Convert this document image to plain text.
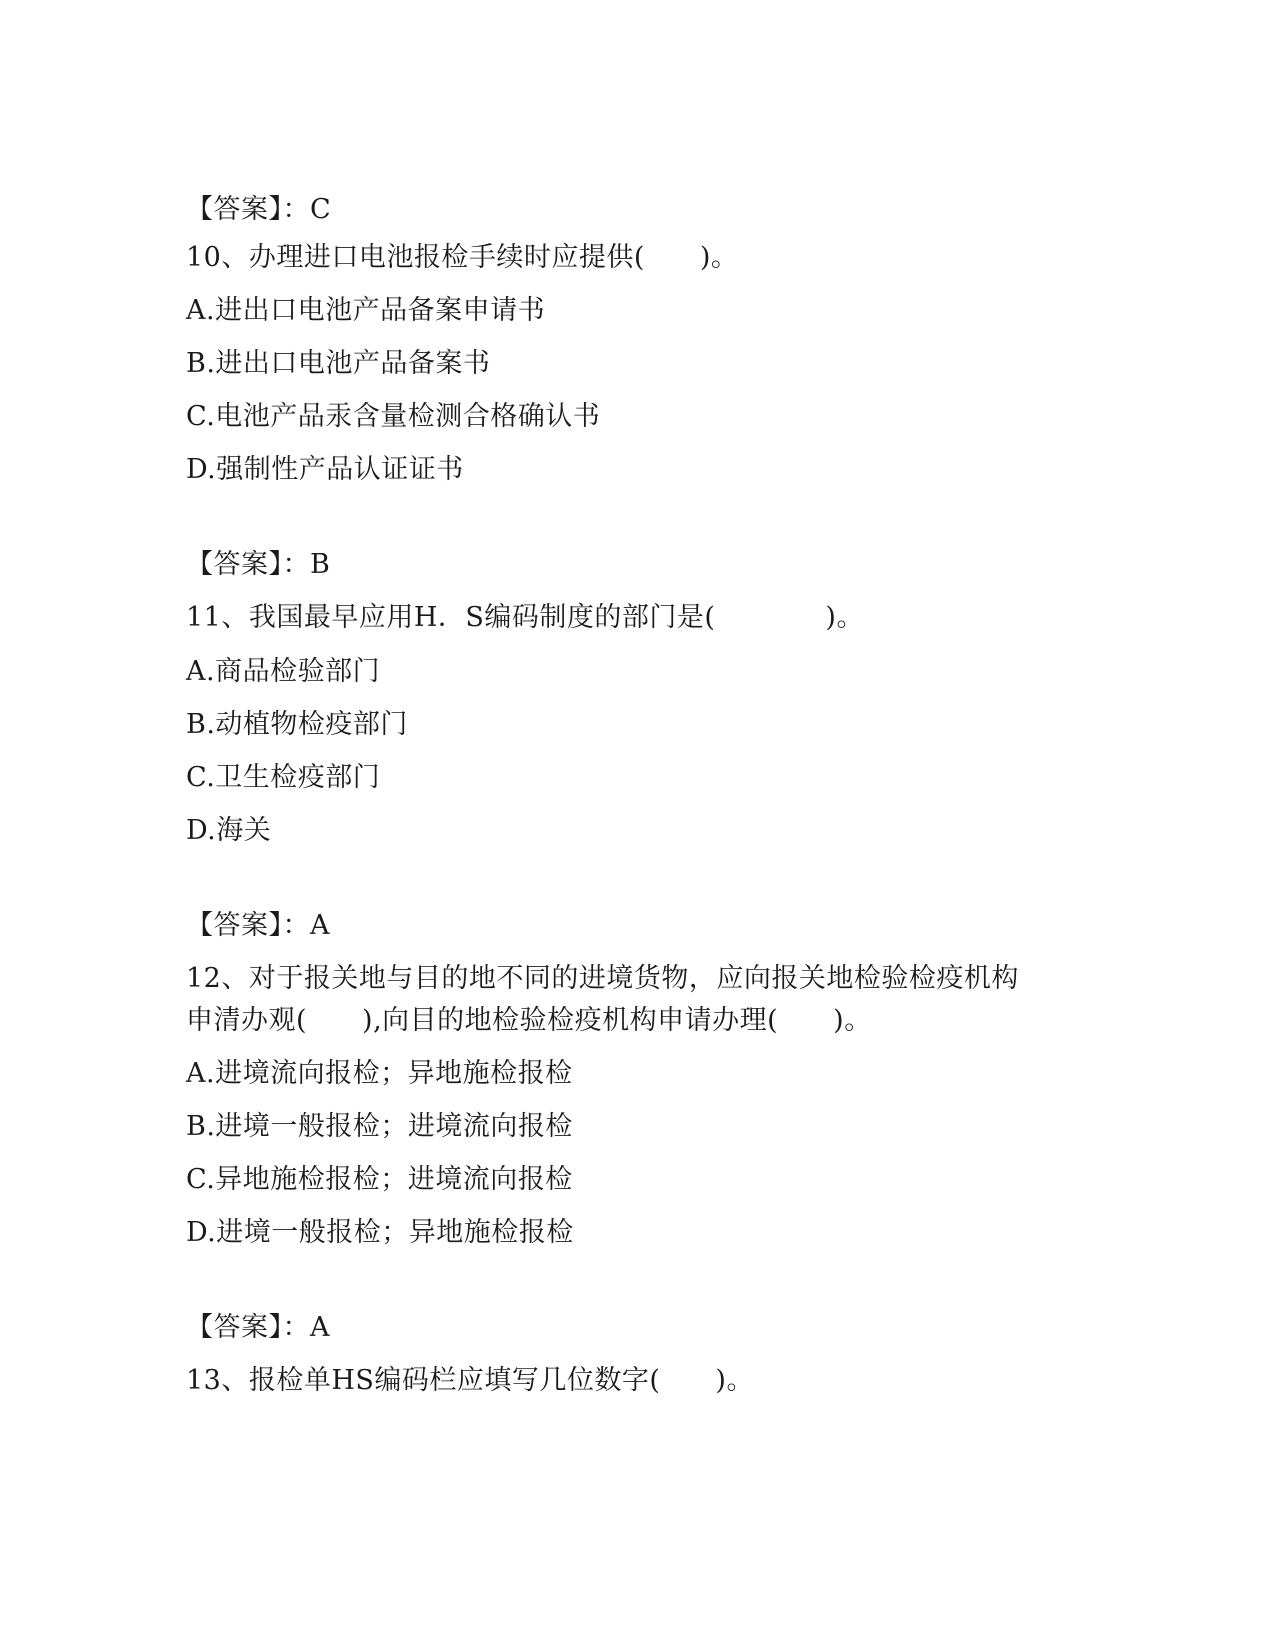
【答案】：C
10、办理进口电池报检手续时应提供(　　)。
A.进出口电池产品备案申请书
B.进出口电池产品备案书
C.电池产品汞含量检测合格确认书
D.强制性产品认证证书
【答案】：B
11、我国最早应用H．S编码制度的部门是(　　　　)。
A.商品检验部门
B.动植物检疫部门
C.卫生检疫部门
D.海关
【答案】：A
12、对于报关地与目的地不同的进境货物，应向报关地检验检疫机构
申清办观(　　),向目的地检验检疫机构申请办理(　　)。
A.进境流向报检；异地施检报检
B.进境一般报检；进境流向报检
C.异地施检报检；进境流向报检
D.进境一般报检；异地施检报检
【答案】：A
13、报检单HS编码栏应填写几位数字(　　)。
